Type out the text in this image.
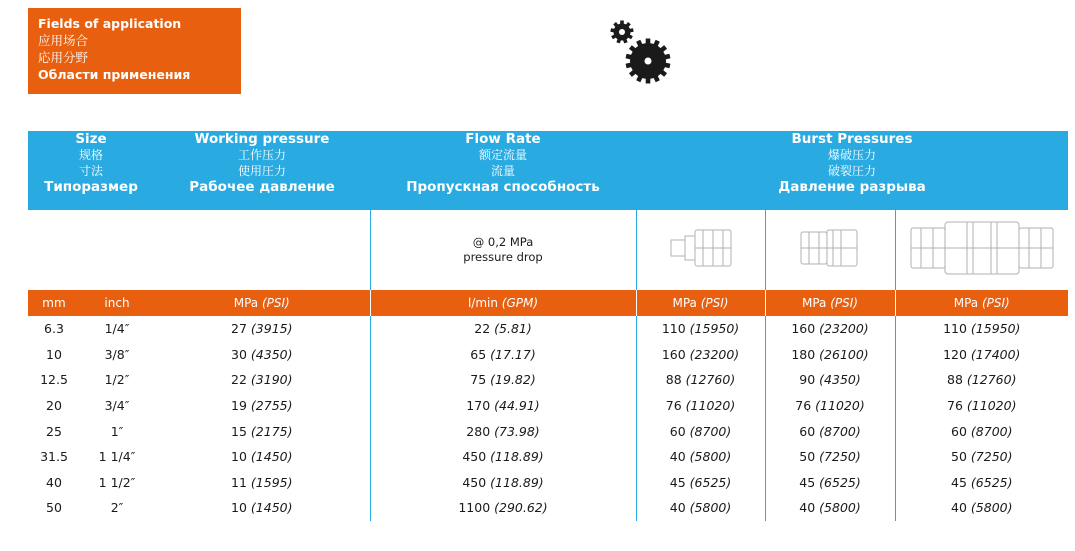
Fields of application
应用场合
応用分野
Области применения
Size
规格
寸法
Типоразмер		Working pressure
工作压力
使用圧力
Рабочее давление	Flow Rate
额定流量
流量
Пропускная способность	Burst Pressures
爆破压力
破裂圧力
Давление разрыва		

			@ 0,2 MPa
pressure drop

mm	inch	MPa (PSI)	l/min (GPM)	MPa (PSI)	MPa (PSI)	MPa (PSI)
6.3	1/4″	27 (3915)	22 (5.81)	110 (15950)	160 (23200)	110 (15950)
10	3/8″	30 (4350)	65 (17.17)	160 (23200)	180 (26100)	120 (17400)
12.5	1/2″	22 (3190)	75 (19.82)	88 (12760)	90 (4350)	88 (12760)
20	3/4″	19 (2755)	170 (44.91)	76 (11020)	76 (11020)	76 (11020)
25	1″	15 (2175)	280 (73.98)	60 (8700)	60 (8700)	60 (8700)
31.5	1 1/4″	10 (1450)	450 (118.89)	40 (5800)	50 (7250)	50 (7250)
40	1 1/2″	11 (1595)	450 (118.89)	45 (6525)	45 (6525)	45 (6525)
50	2″	10 (1450)	1100 (290.62)	40 (5800)	40 (5800)	40 (5800)
